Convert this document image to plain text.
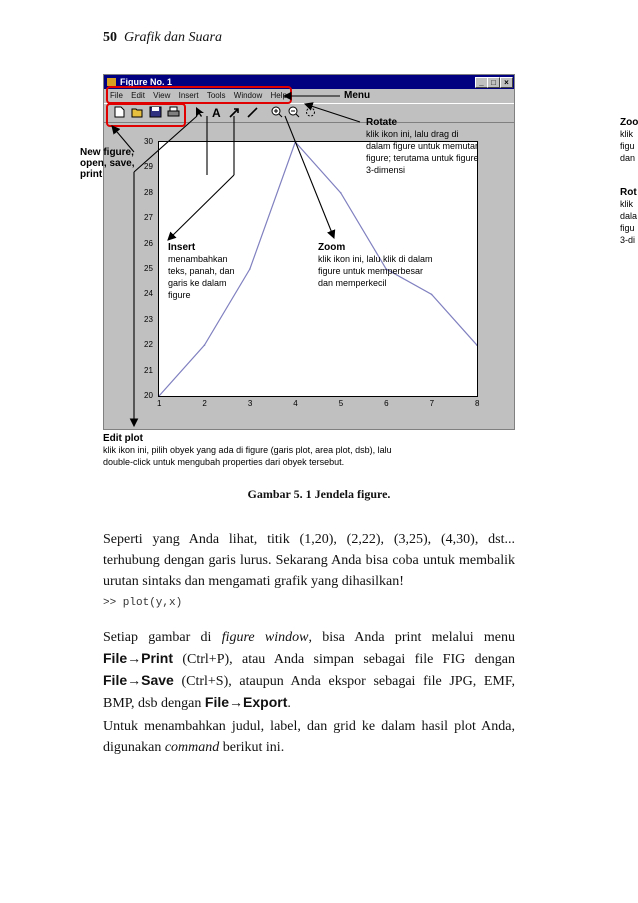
50 Grafik dan Suara
Figure No. 1	_ □	×
File Edit View Insert Tools Window Help
A
20
21
22
23
24
25
26
27
28
29
30
1	2	3	4	5	6	7	8
Menu
Rotate
klik ikon ini, lalu drag di
dalam figure untuk memutar
figure; terutama untuk figure
3-dimensi
New figure,
open, save,
print
Insert
menambahkan
teks, panah, dan
garis ke dalam
figure
Zoom
klik ikon ini, lalu klik di dalam
figure untuk memperbesar
dan memperkecil
Edit plot
klik ikon ini, pilih obyek yang ada di figure (garis plot, area plot, dsb), lalu
double-click untuk mengubah properties dari obyek tersebut.
Zoo
klik
figu
dan
Rot
klik
dala
figu
3-di
Gambar 5. 1 Jendela figure.
Seperti yang Anda lihat, titik (1,20), (2,22), (3,25), (4,30), dst... terhubung dengan garis lurus. Sekarang Anda bisa coba untuk membalik urutan sintaks dan mengamati grafik yang dihasilkan!
>> plot(y,x)
Setiap gambar di figure window, bisa Anda print melalui menu File→Print (Ctrl+P), atau Anda simpan sebagai file FIG dengan File→Save (Ctrl+S), ataupun Anda ekspor sebagai file JPG, EMF, BMP, dsb dengan File→Export.
Untuk menambahkan judul, label, dan grid ke dalam hasil plot Anda, digunakan command berikut ini.
